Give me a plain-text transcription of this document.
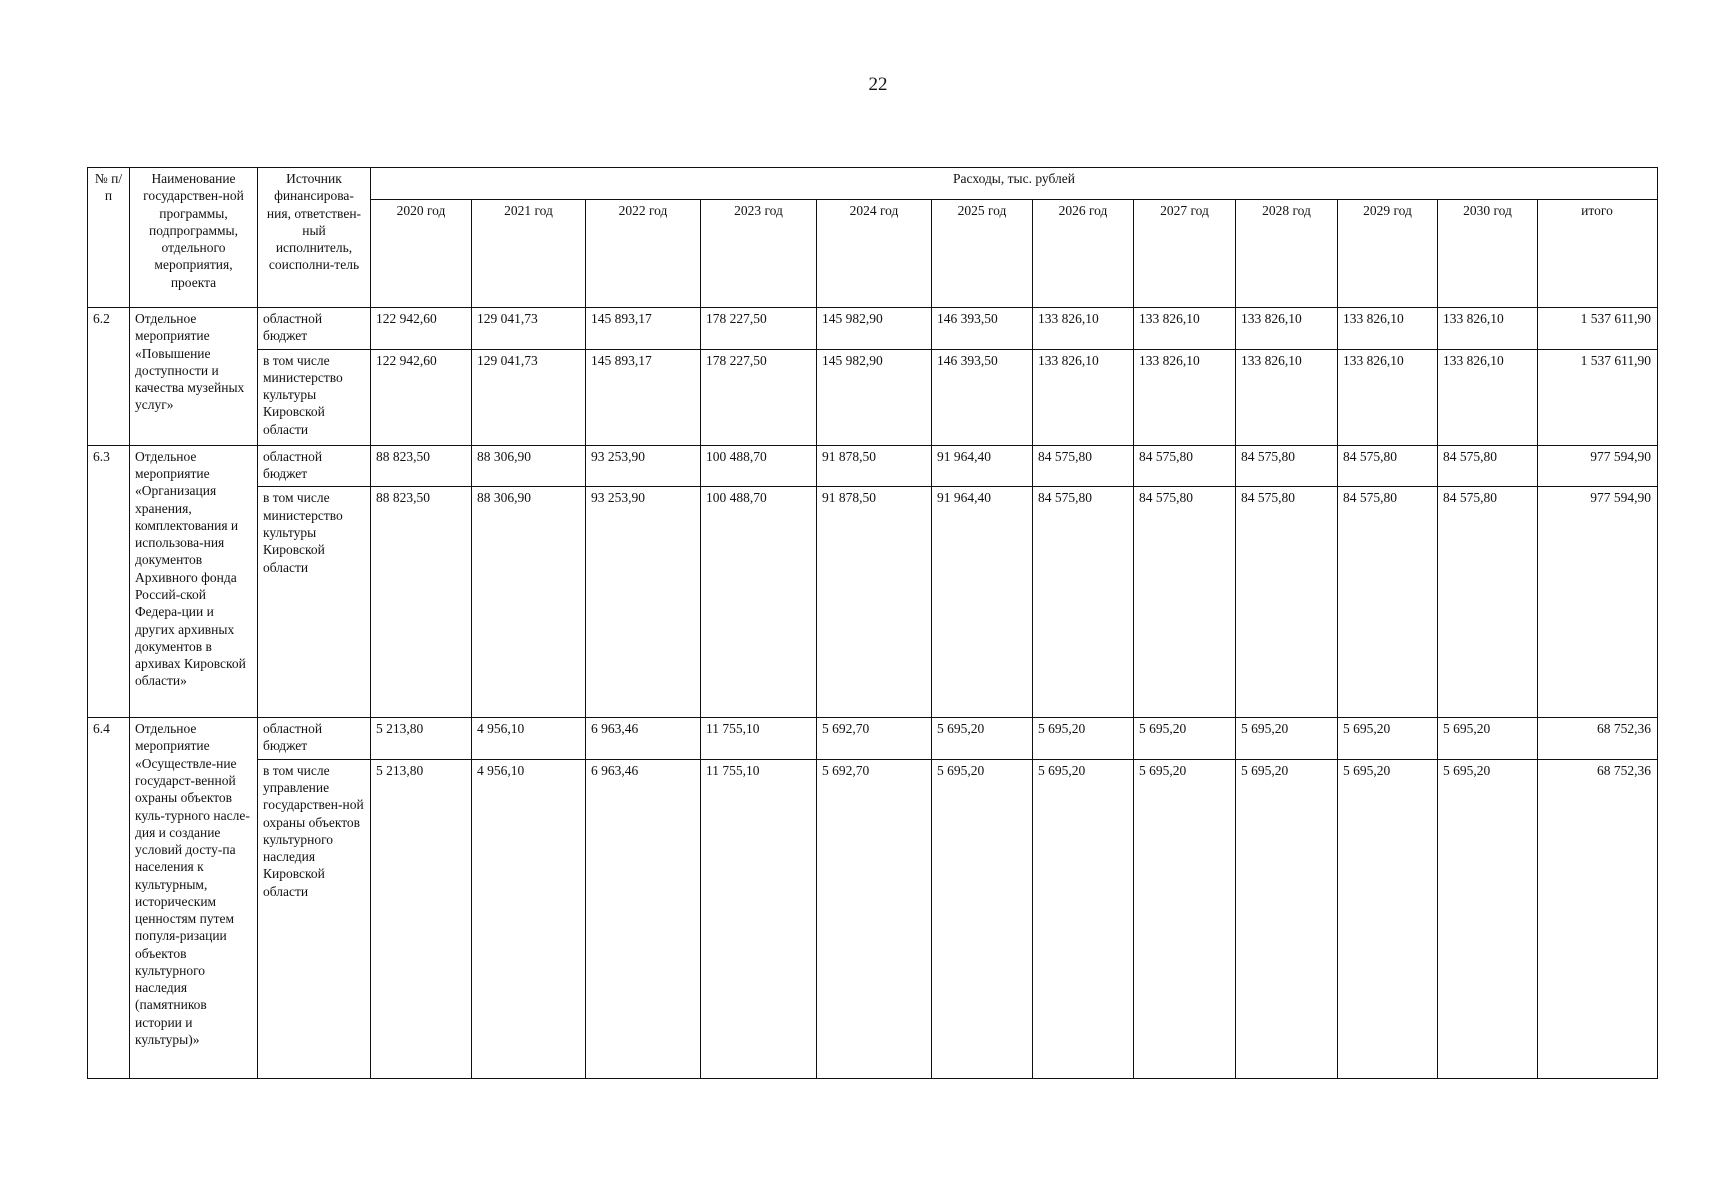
22
№ п/п	Наименование государствен-ной программы, подпрограммы, отдельного мероприятия, проекта	Источник финансирова-ния, ответствен-ный исполнитель, соисполни-тель	Расходы, тыс. рублей											
			2020 год	2021 год	2022 год	2023 год	2024 год	2025 год	2026 год	2027 год	2028 год	2029 год	2030 год	итого
6.2	Отдельное мероприятие «Повышение доступности и качества музейных услуг»	областной бюджет	122 942,60	129 041,73	145 893,17	178 227,50	145 982,90	146 393,50	133 826,10	133 826,10	133 826,10	133 826,10	133 826,10	1 537 611,90
		в том числе министерство культуры Кировской области	122 942,60	129 041,73	145 893,17	178 227,50	145 982,90	146 393,50	133 826,10	133 826,10	133 826,10	133 826,10	133 826,10	1 537 611,90
6.3	Отдельное мероприятие «Организация хранения, комплектования и использова-ния документов Архивного фонда Россий-ской Федера-ции и других архивных документов в архивах Кировской области»	областной бюджет	88 823,50	88 306,90	93 253,90	100 488,70	91 878,50	91 964,40	84 575,80	84 575,80	84 575,80	84 575,80	84 575,80	977 594,90
		в том числе министерство культуры Кировской области	88 823,50	88 306,90	93 253,90	100 488,70	91 878,50	91 964,40	84 575,80	84 575,80	84 575,80	84 575,80	84 575,80	977 594,90
6.4	Отдельное мероприятие «Осуществле-ние государст-венной охраны объектов куль-турного насле-дия и создание условий досту-па населения к культурным, историческим ценностям путем популя-ризации объектов культурного наследия (памятников истории и культуры)»	областной бюджет	5 213,80	4 956,10	6 963,46	11 755,10	5 692,70	5 695,20	5 695,20	5 695,20	5 695,20	5 695,20	5 695,20	68 752,36
		в том числе управление государствен-ной охраны объектов культурного наследия Кировской области	5 213,80	4 956,10	6 963,46	11 755,10	5 692,70	5 695,20	5 695,20	5 695,20	5 695,20	5 695,20	5 695,20	68 752,36
